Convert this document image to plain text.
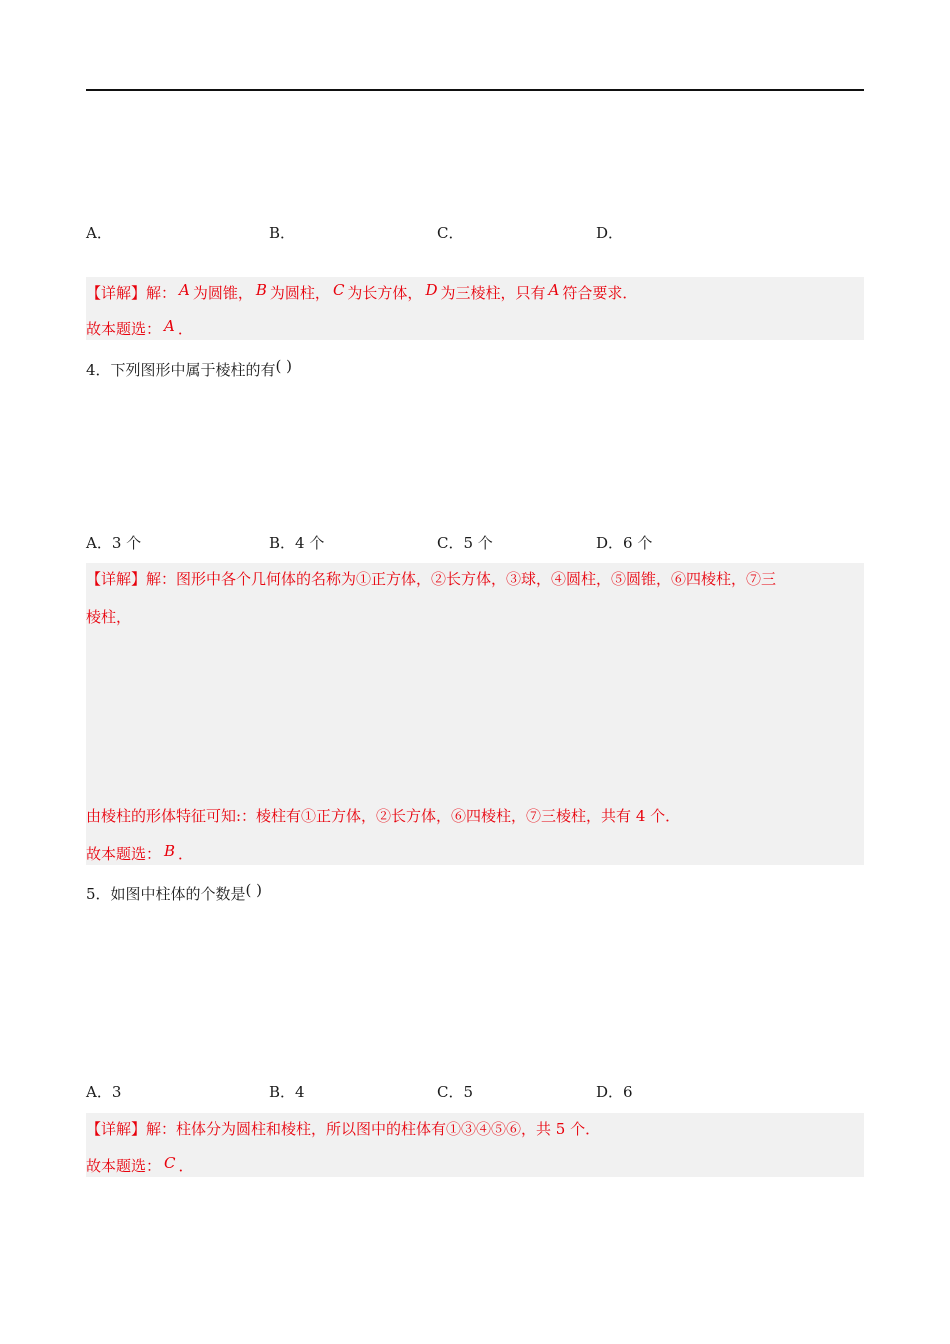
A．	B．	C．	D．
【详解】解： A 为圆锥， B 为圆柱， C 为长方体， D 为三棱柱，只有 A 符合要求．
故本题选： A ．
4．下列图形中属于棱柱的有( )
A．3 个	B．4 个	C．5 个	D．6 个
【详解】解：图形中各个几何体的名称为①正方体，②长方体，③球，④圆柱，⑤圆锥，⑥四棱柱，⑦三
棱柱，
由棱柱的形体特征可知:：棱柱有①正方体，②长方体，⑥四棱柱，⑦三棱柱，共有 4 个．
故本题选： B ．
5．如图中柱体的个数是( )
A．3	B．4	C．5	D．6
【详解】解：柱体分为圆柱和棱柱，所以图中的柱体有①③④⑤⑥，共 5 个．
故本题选： C ．
